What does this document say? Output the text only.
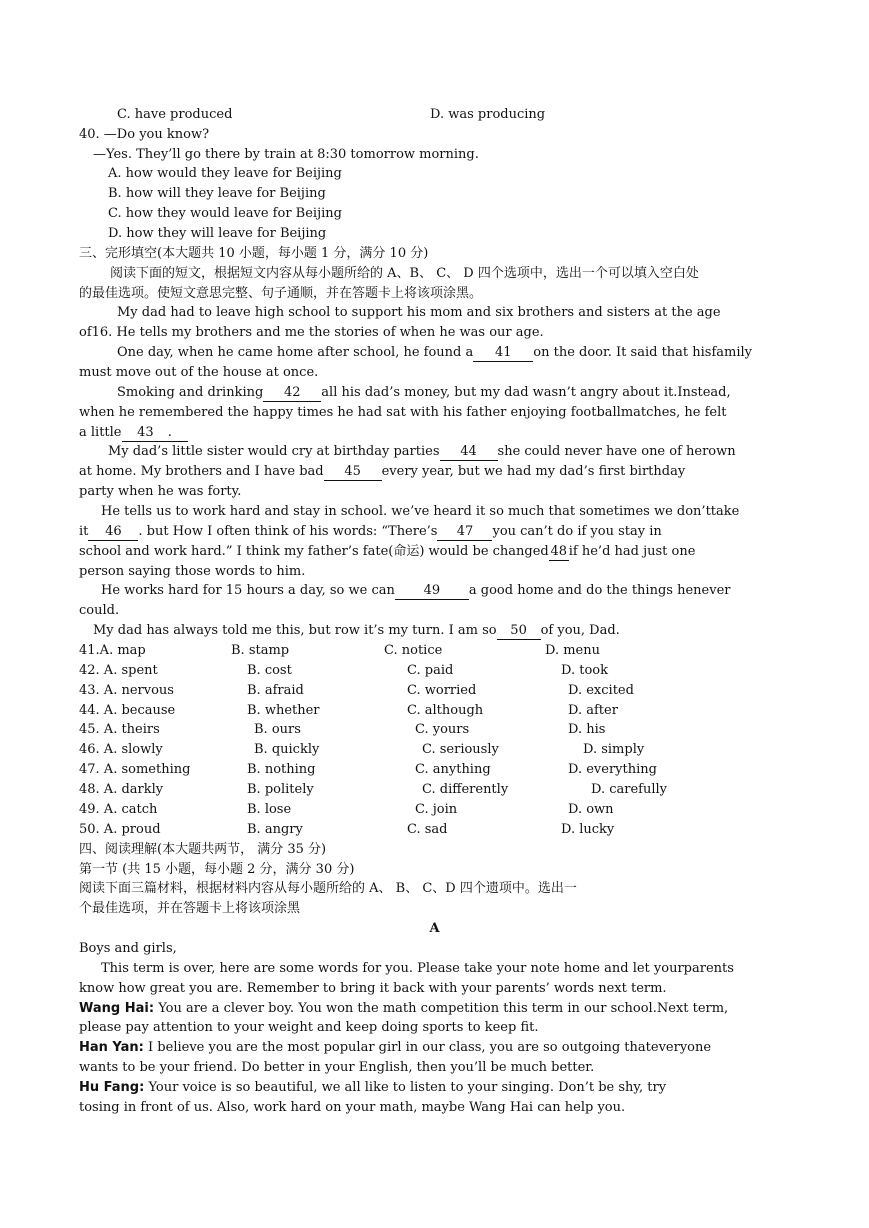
C. have produced	D. was producing
40. —Do you know?
—Yes. They’ll go there by train at 8:30 tomorrow morning.
A. how would they leave for Beijing
B. how will they leave for Beijing
C. how they would leave for Beijing
D. how they will leave for Beijing
三、完形填空(本大题共 10 小题，每小题 1 分，满分 10 分)
阅读下面的短文，根据短文内容从每小题所给的 A、B、 C、 D 四个选项中，选出一个可以填入空白处
的最佳选项。使短文意思完整、句子通顺，并在答题卡上将该项涂黑。
My dad had to leave high school to support his mom and six brothers and sisters at the age
of16. He tells my brothers and me the stories of when he was our age.
One day, when he came home after school, he found a 41 on the door. It said that hisfamily
must move out of the house at once.
Smoking and drinking 42 all his dad’s money, but my dad wasn’t angry about it.Instead,
when he remembered the happy times he had sat with his father enjoying footballmatches, he felt
a little 43 .
My dad’s little sister would cry at birthday parties 44 she could never have one of herown
at home. My brothers and I have bad 45 every year, but we had my dad’s first birthday
party when he was forty.
He tells us to work hard and stay in school. we’ve heard it so much that sometimes we don’ttake
it 46 . but How I often think of his words: “There’s 47 you can’t do if you stay in
school and work hard.” I think my father’s fate(命运) would be changed 48 if he’d had just one
person saying those words to him.
He works hard for 15 hours a day, so we can 49 a good home and do the things henever
could.
My dad has always told me this, but row it’s my turn. I am so 50 of you, Dad.
41.A. map	B. stamp	C. notice	D. menu
42. A. spent	B. cost	C. paid	D. took
43. A. nervous	B. afraid	C. worried	D. excited
44. A. because	B. whether	C. although	D. after
45. A. theirs	B. ours	C. yours	D. his
46. A. slowly	B. quickly	C. seriously	D. simply
47. A. something	B. nothing	C. anything	D. everything
48. A. darkly	B. politely	C. differently	D. carefully
49. A. catch	B. lose	C. join	D. own
50. A. proud	B. angry	C. sad	D. lucky
四、阅读理解(本大题共两节， 满分 35 分)
第一节 (共 15 小题，每小题 2 分，满分 30 分)
阅读下面三篇材料，根据材料内容从每小题所给的 A、 B、 C、D 四个遗项中。选出一
个最佳选项，并在答题卡上将该项涂黑
A
Boys and girls,
This term is over, here are some words for you. Please take your note home and let yourparents
know how great you are. Remember to bring it back with your parents’ words next term.
Wang Hai: You are a clever boy. You won the math competition this term in our school.Next term,
please pay attention to your weight and keep doing sports to keep fit.
Han Yan: I believe you are the most popular girl in our class, you are so outgoing thateveryone
wants to be your friend. Do better in your English, then you’ll be much better.
Hu Fang: Your voice is so beautiful, we all like to listen to your singing. Don’t be shy, try
tosing in front of us. Also, work hard on your math, maybe Wang Hai can help you.
